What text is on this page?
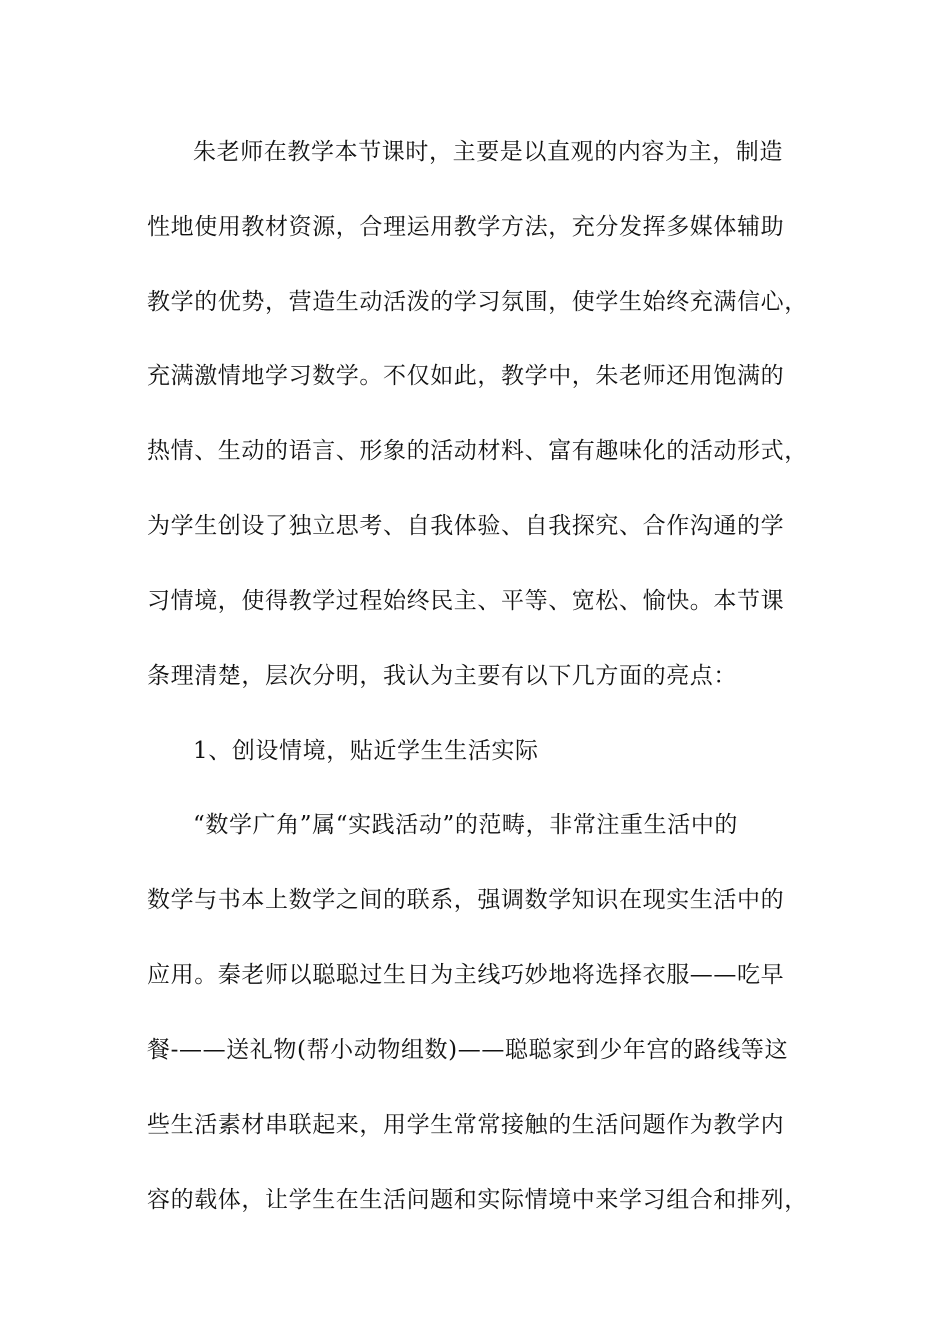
朱老师在教学本节课时，主要是以直观的内容为主，制造
性地使用教材资源，合理运用教学方法，充分发挥多媒体辅助
教学的优势，营造生动活泼的学习氛围，使学生始终充满信心，
充满激情地学习数学。不仅如此，教学中，朱老师还用饱满的
热情、生动的语言、形象的活动材料、富有趣味化的活动形式，
为学生创设了独立思考、自我体验、自我探究、合作沟通的学
习情境，使得教学过程始终民主、平等、宽松、愉快。本节课
条理清楚，层次分明，我认为主要有以下几方面的亮点：
1、创设情境，贴近学生生活实际
“数学广角”属“实践活动”的范畴，非常注重生活中的
数学与书本上数学之间的联系，强调数学知识在现实生活中的
应用。秦老师以聪聪过生日为主线巧妙地将选择衣服——吃早
餐-——送礼物(帮小动物组数)——聪聪家到少年宫的路线等这
些生活素材串联起来，用学生常常接触的生活问题作为教学内
容的载体，让学生在生活问题和实际情境中来学习组合和排列，
